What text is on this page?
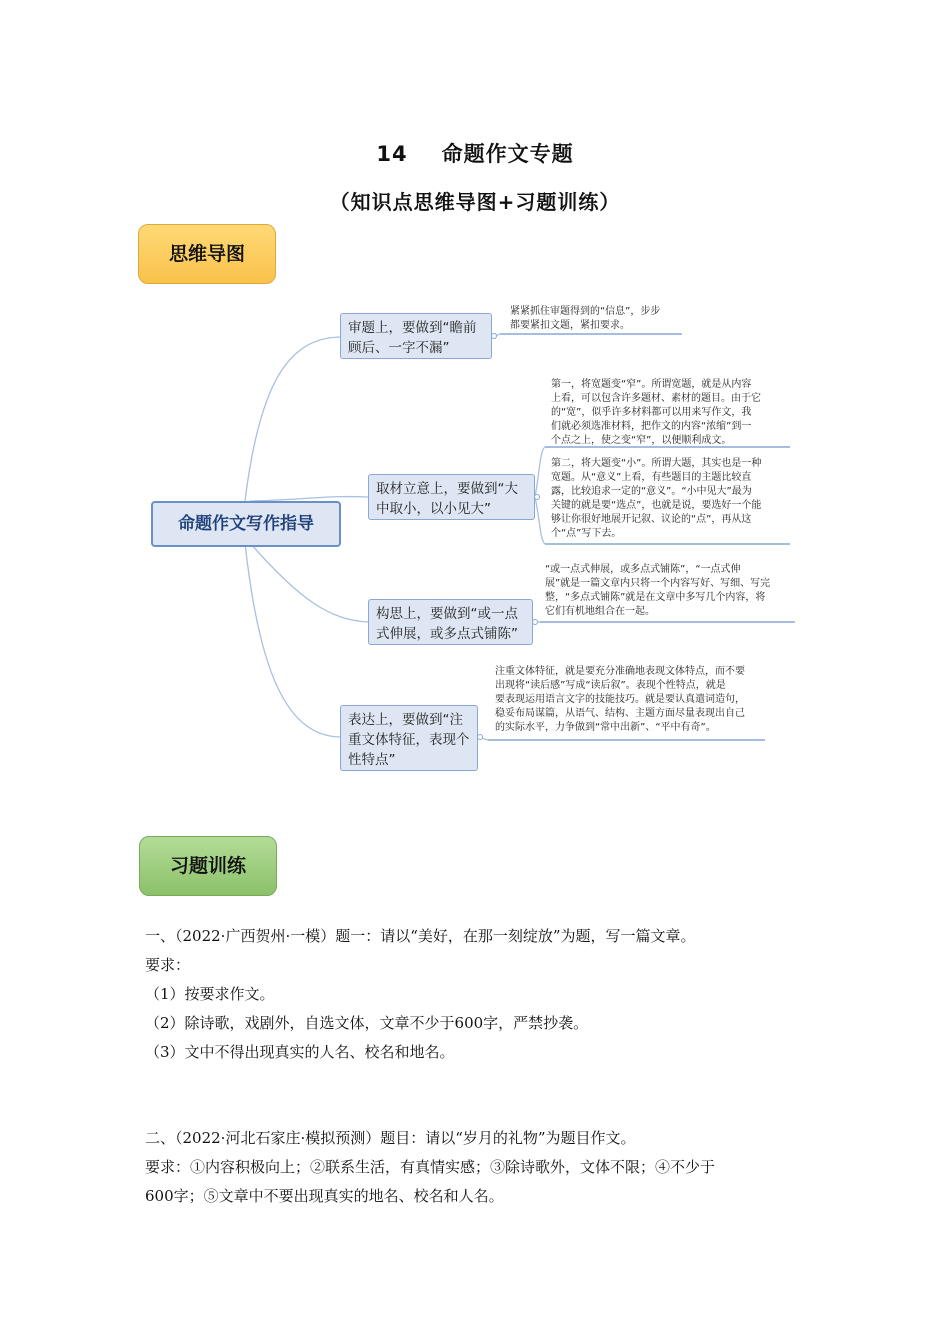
14 命题作文专题
（知识点思维导图+习题训练）
思维导图
命题作文写作指导
审题上，要做到“瞻前
顾后、一字不漏”
紧紧抓住审题得到的“信息”，步步
都要紧扣文题，紧扣要求。
取材立意上，要做到“大
中取小，以小见大”
第一，将宽题变“窄”。所谓宽题，就是从内容
上看，可以包含许多题材、素材的题目。由于它
的“宽”，似乎许多材料都可以用来写作文，我
们就必须选准材料，把作文的内容“浓缩”到一
个点之上，使之变“窄”，以便顺利成文。
第二，将大题变“小”。所谓大题，其实也是一种
宽题。从“意义”上看，有些题目的主题比较直
露，比较追求一定的“意义”。“小中见大”最为
关键的就是要“选点”，也就是说，要选好一个能
够让你很好地展开记叙、议论的“点”，再从这
个“点”写下去。
构思上，要做到“或一点
式伸展，或多点式铺陈”
“或一点式伸展，或多点式铺陈”，“一点式伸
展”就是一篇文章内只将一个内容写好、写细、写完
整，“多点式铺陈”就是在文章中多写几个内容，将
它们有机地组合在一起。
表达上，要做到“注
重文体特征，表现个
性特点”
注重文体特征，就是要充分准确地表现文体特点，而不要
出现将“读后感”写成“读后叙”。表现个性特点，就是
要表现运用语言文字的技能技巧。就是要认真遣词造句，
稳妥布局谋篇，从语气、结构、主题方面尽量表现出自己
的实际水平，力争做到“常中出新”、“平中有奇”。
习题训练
一、（2022·广西贺州·一模）题一：请以“美好，在那一刻绽放”为题，写一篇文章。
要求：
（1）按要求作文。
（2）除诗歌，戏剧外，自选文体，文章不少于600字，严禁抄袭。
（3）文中不得出现真实的人名、校名和地名。
二、（2022·河北石家庄·模拟预测）题目：请以“岁月的礼物”为题目作文。
要求：①内容积极向上；②联系生活，有真情实感；③除诗歌外，文体不限；④不少于
600字；⑤文章中不要出现真实的地名、校名和人名。
